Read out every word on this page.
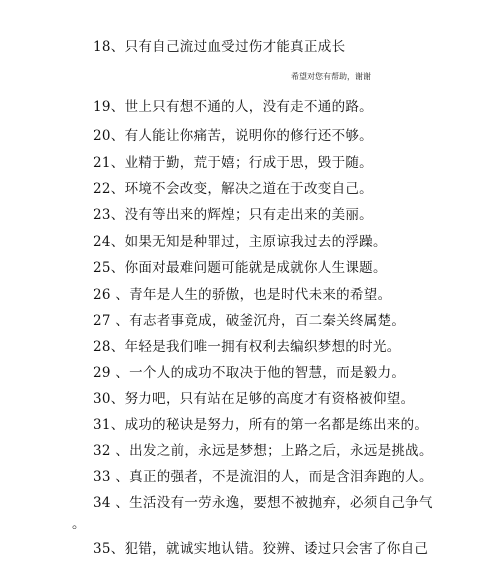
18、只有自己流过血受过伤才能真正成长
希望对您有帮助，谢谢
19、世上只有想不通的人，没有走不通的路。
20、有人能让你痛苦，说明你的修行还不够。
21、业精于勤，荒于嬉；行成于思，毁于随。
22、环境不会改变，解决之道在于改变自己。
23、没有等出来的辉煌；只有走出来的美丽。
24、如果无知是种罪过，主原谅我过去的浮躁。
25、你面对最难问题可能就是成就你人生课题。
26 、青年是人生的骄傲，也是时代未来的希望。
27 、有志者事竟成，破釜沉舟，百二秦关终属楚。
28、年轻是我们唯一拥有权利去编织梦想的时光。
29 、一个人的成功不取决于他的智慧，而是毅力。
30、努力吧，只有站在足够的高度才有资格被仰望。
31、成功的秘诀是努力，所有的第一名都是练出来的。
32 、出发之前，永远是梦想；上路之后，永远是挑战。
33 、真正的强者，不是流泪的人，而是含泪奔跑的人。
34 、生活没有一劳永逸，要想不被抛弃，必须自己争气
。
35、犯错，就诚实地认错。狡辨、诿过只会害了你自己
